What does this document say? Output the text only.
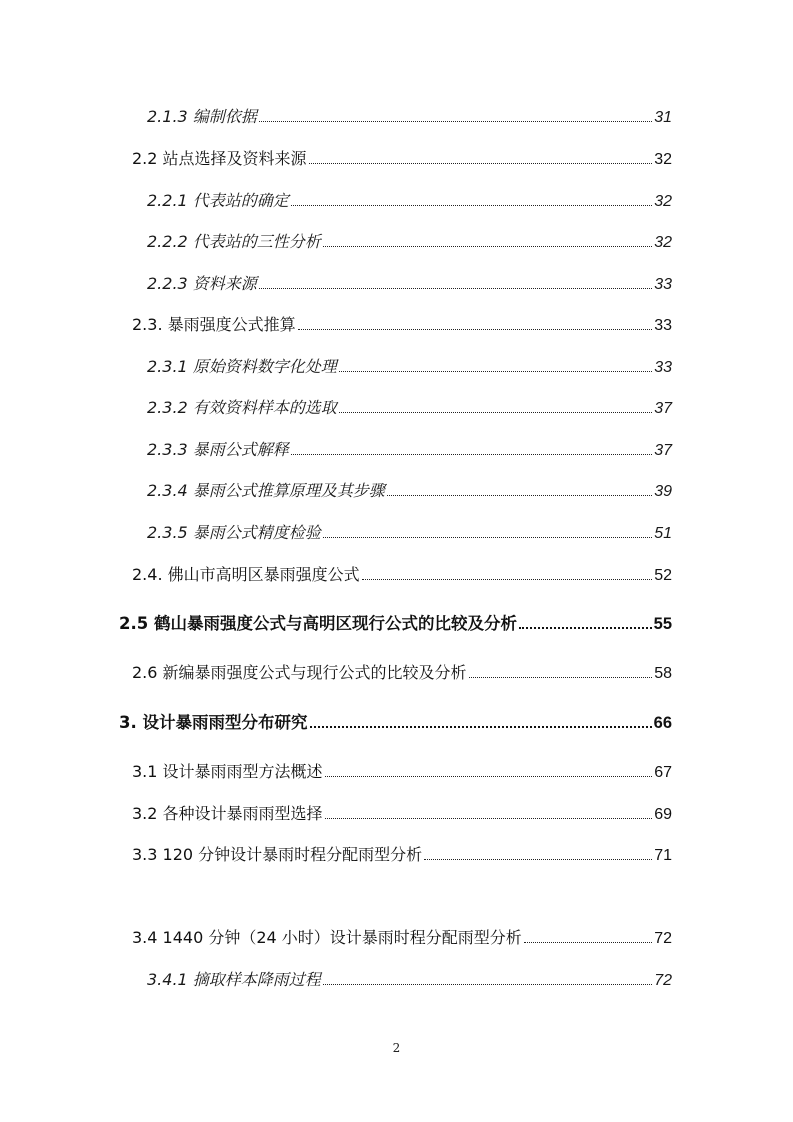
2.1.3 编制依据	31
2.2 站点选择及资料来源	32
2.2.1 代表站的确定	32
2.2.2 代表站的三性分析	32
2.2.3 资料来源	33
2.3. 暴雨强度公式推算	33
2.3.1 原始资料数字化处理	33
2.3.2 有效资料样本的选取	37
2.3.3 暴雨公式解释	37
2.3.4 暴雨公式推算原理及其步骤	39
2.3.5 暴雨公式精度检验	51
2.4. 佛山市高明区暴雨强度公式	52
2.5 鹤山暴雨强度公式与高明区现行公式的比较及分析	55
2.6 新编暴雨强度公式与现行公式的比较及分析	58
3. 设计暴雨雨型分布研究	66
3.1 设计暴雨雨型方法概述	67
3.2 各种设计暴雨雨型选择	69
3.3 120 分钟设计暴雨时程分配雨型分析	71
3.4 1440 分钟（24 小时）设计暴雨时程分配雨型分析	72
3.4.1 摘取样本降雨过程	72
2
